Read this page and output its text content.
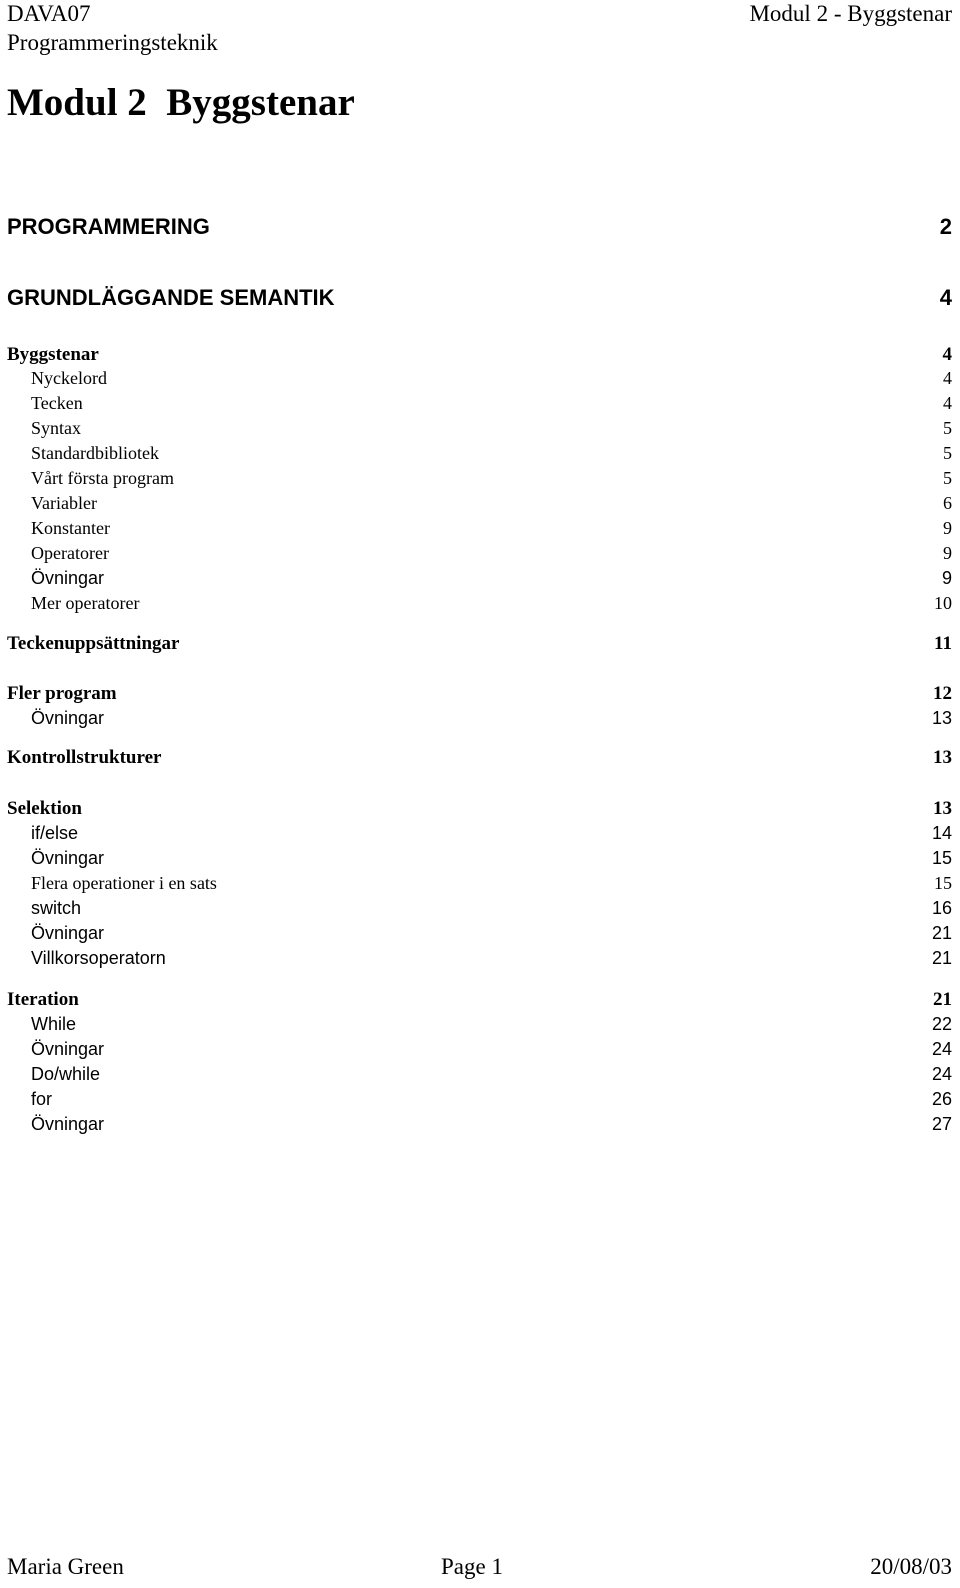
DAVA07
Programmeringsteknik
Modul 2 - Byggstenar
Modul 2  Byggstenar
PROGRAMMERING	2
GRUNDLÄGGANDE SEMANTIK	4
Byggstenar	4
Nyckelord	4
Tecken	4
Syntax	5
Standardbibliotek	5
Vårt första program	5
Variabler	6
Konstanter	9
Operatorer	9
Övningar	9
Mer operatorer	10
Teckenuppsättningar	11
Fler program	12
Övningar	13
Kontrollstrukturer	13
Selektion	13
if/else	14
Övningar	15
Flera operationer i en sats	15
switch	16
Övningar	21
Villkorsoperatorn	21
Iteration	21
While	22
Övningar	24
Do/while	24
for	26
Övningar	27
Maria Green	Page 1	20/08/03
